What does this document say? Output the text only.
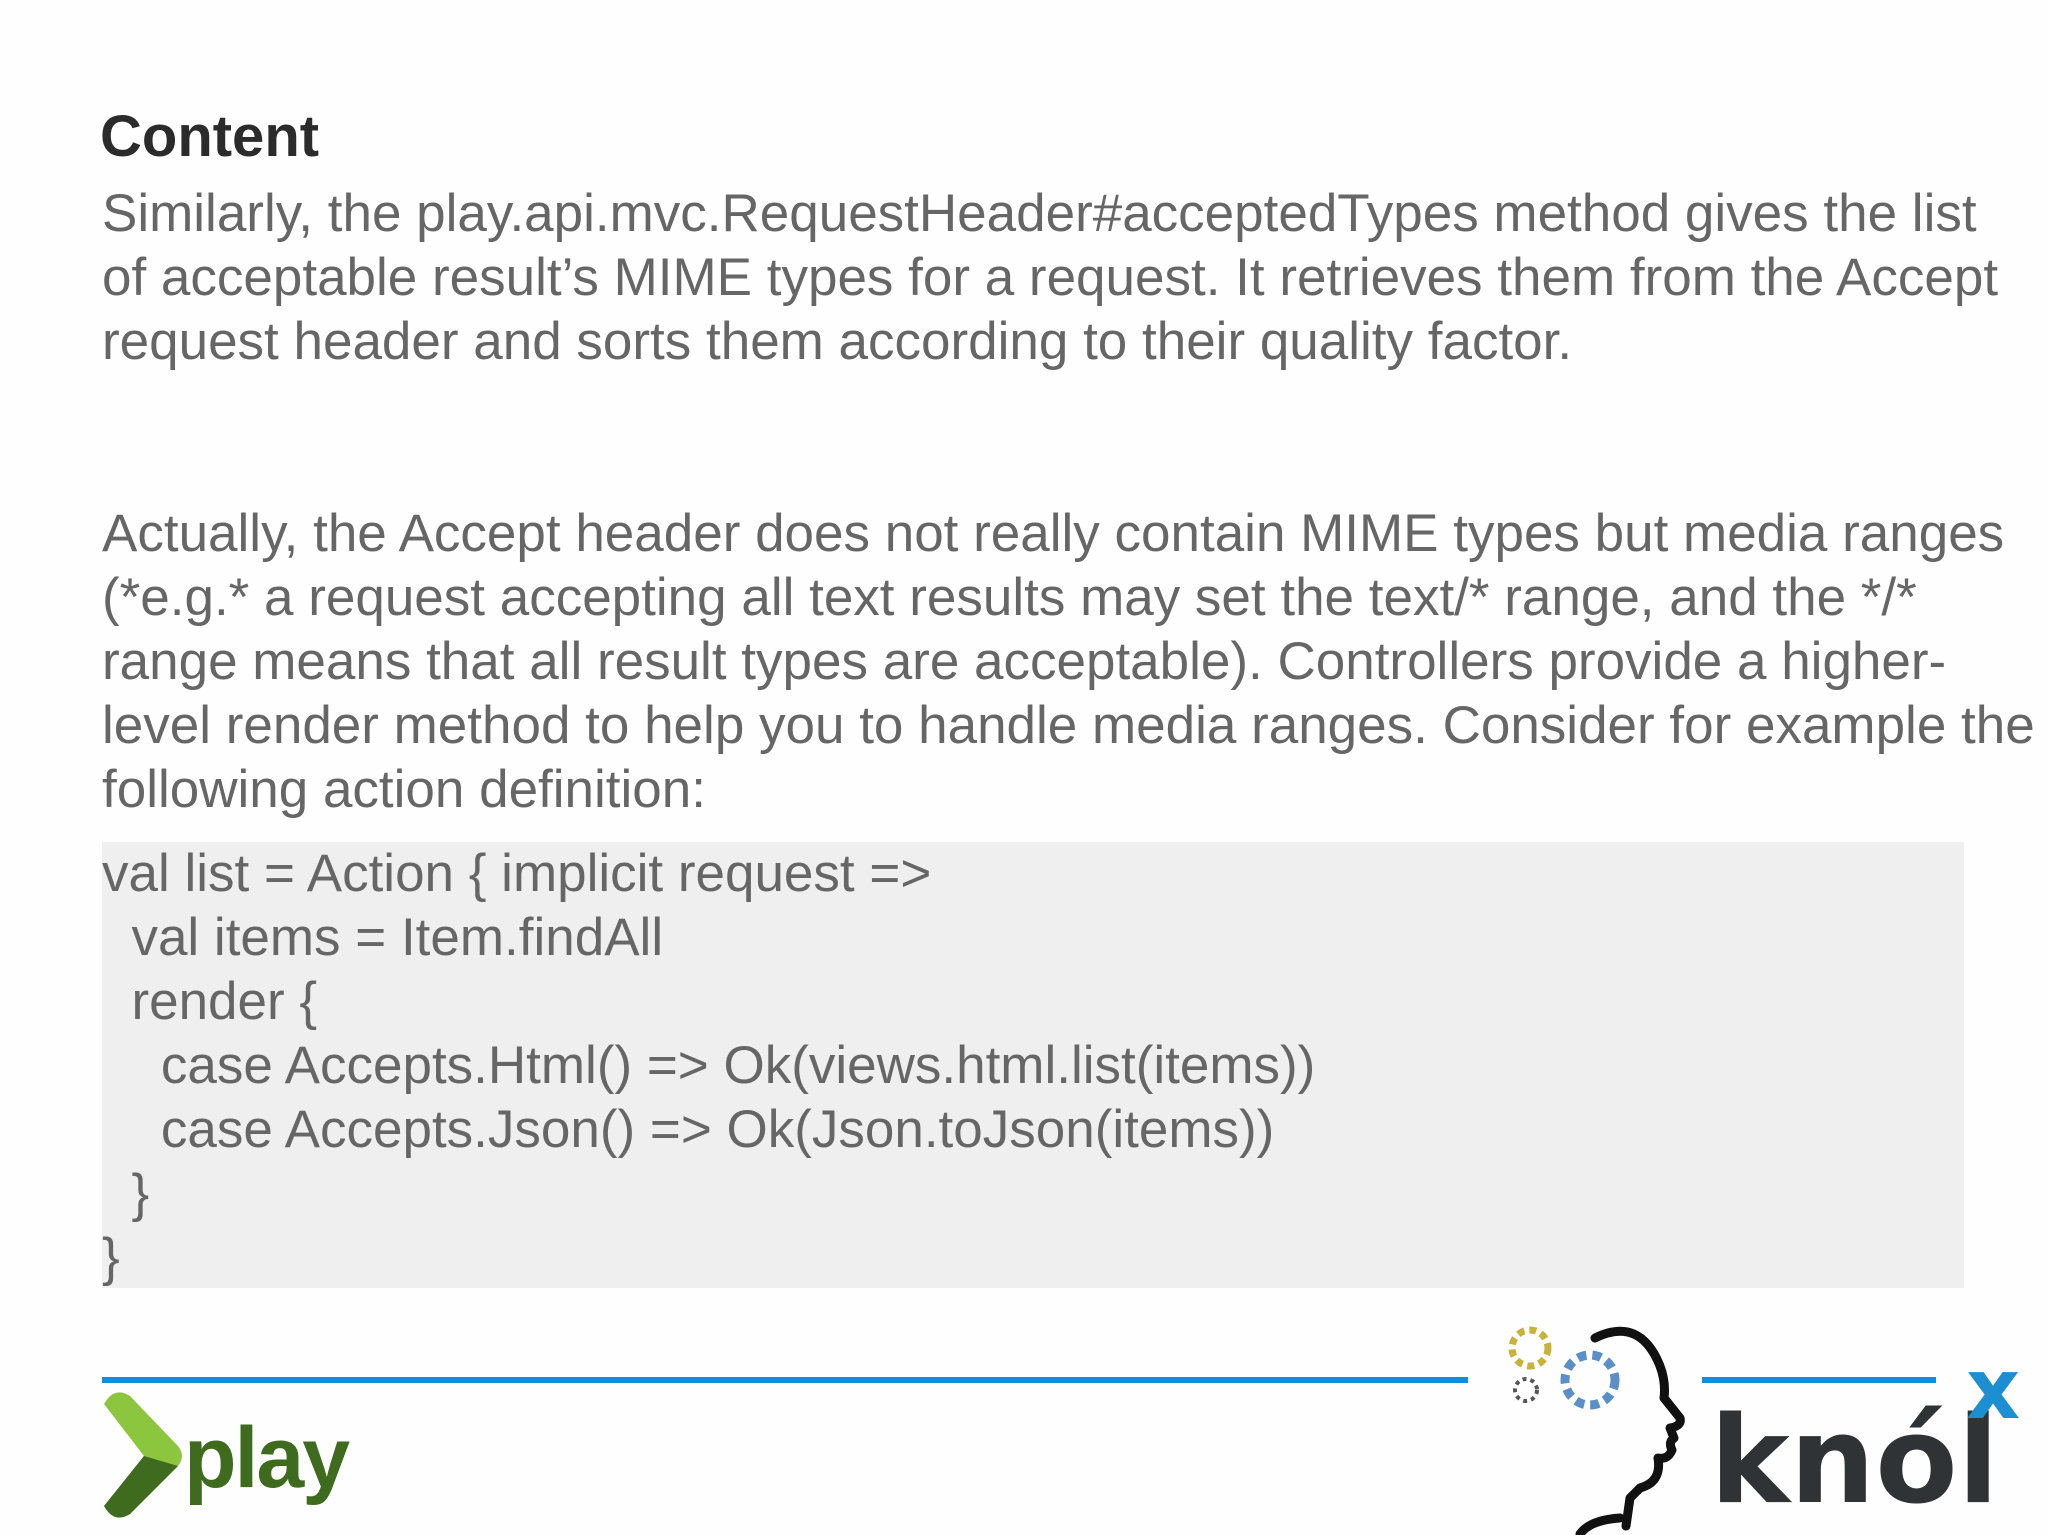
Content

Similarly, the play.api.mvc.RequestHeader#acceptedTypes method gives the list of acceptable result’s MIME types for a request. It retrieves them from the Accept request header and sorts them according to their quality factor.

Actually, the Accept header does not really contain MIME types but media ranges (*e.g.* a request accepting all text results may set the text/* range, and the */* range means that all result types are acceptable). Controllers provide a higher-level render method to help you to handle media ranges. Consider for example the following action definition:

val list = Action { implicit request =>
val items = Item.findAll
render {
case Accepts.Html() => Ok(views.html.list(items))
case Accepts.Json() => Ok(Json.toJson(items))
}
}
play	knól
x
